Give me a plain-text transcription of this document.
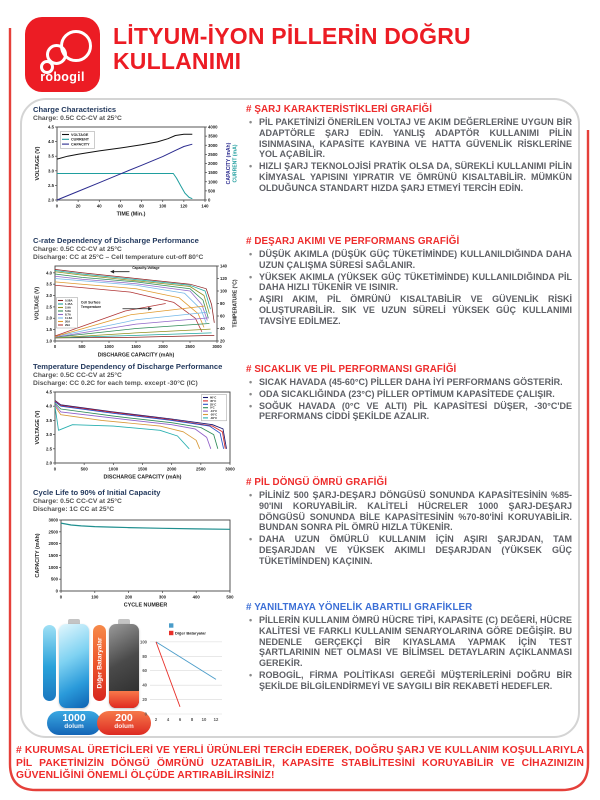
robogil
LİTYUM-İYON PİLLERİN DOĞRU KULLANIMI
Charge Characteristics
Charge: 0.5C CC-CV at 25°C
0	20	40	60	80	100	120	140
2.0
2.5
3.0
3.5
4.0
4.5
0
500
1000
1500
2000
2500
3000
3500
4000
TIME (Min.)
VOLTAGE (V)	CAPACITY (mAh) CURRENT (mA)
VOLTAGE
CURRENT
CAPACITY
C-rate Dependency of Discharge Performance
Charge: 0.5C CC-CV at 25°C
Discharge: CC at 25°C – Cell temperature cut-off 80°C
0	500	1000	1500	2000	2500	3000
1.0
1.5
2.0
2.5
3.0
3.5
4.0
20
40
60
80
100
120
140
DISCHARGE CAPACITY (mAh)
VOLTAGE (V)	TEMPERATURE (°C)
0.58A
1.45A
2.9A
5.8A
8.7A
11.6A
20A
29A
Capacity-Voltage
Cell Surface
Temperature
Temperature Dependency of Discharge Performance
Charge: 0.5C CC-CV at 25°C
Discharge: CC 0.2C for each temp. except -30°C (IC)
0	500	1000	1500	2000	2500	3000
2.0
2.5
3.0
3.5
4.0
4.5
DISCHARGE CAPACITY (mAh)
VOLTAGE (V)
60°C
45°C
25°C
0°C
-10°C
-20°C
-30°C
Cycle Life to 90% of Initial Capacity
Charge: 0.5C CC-CV at 25°C
Discharge: 1C CC at 25°C
0	100	200	300	400	500
0
500
1000
1500
2000
2500
3000
CYCLE NUMBER
CAPACITY (mAh)
# ŞARJ KARAKTERİSTİKLERİ GRAFİĞİ
• PİL PAKETİNİZİ ÖNERİLEN VOLTAJ VE AKIM DEĞERLERİNE UYGUN BİR ADAPTÖRLE ŞARJ EDİN. YANLIŞ ADAPTÖR KULLANIMI PİLİN ISINMASINA, KAPASİTE KAYBINA VE HATTA GÜVENLİK RİSKLERİNE YOL AÇABİLİR.
• HIZLI ŞARJ TEKNOLOJİSİ PRATİK OLSA DA, SÜREKLİ KULLANIMI PİLİN KİMYASAL YAPISINI YIPRATIR VE ÖMRÜNÜ KISALTABİLİR. MÜMKÜN OLDUĞUNCA STANDART HIZDA ŞARJ ETMEYİ TERCİH EDİN.
# DEŞARJ AKIMI VE PERFORMANS GRAFİĞİ
• DÜŞÜK AKIMLA (DÜŞÜK GÜÇ TÜKETİMİNDE) KULLANILDIĞINDA DAHA UZUN ÇALIŞMA SÜRESİ SAĞLANIR.
• YÜKSEK AKIMLA (YÜKSEK GÜÇ TÜKETİMİNDE) KULLANILDIĞINDA PİL DAHA HIZLI TÜKENİR VE ISINIR.
• AŞIRI AKIM, PİL ÖMRÜNÜ KISALTABİLİR VE GÜVENLİK RİSKİ OLUŞTURABİLİR. SIK VE UZUN SÜRELİ YÜKSEK GÜÇ KULLANIMI TAVSİYE EDİLMEZ.
# SICAKLIK VE PİL PERFORMANSI GRAFİĞİ
• SICAK HAVADA (45-60°C) PİLLER DAHA İYİ PERFORMANS GÖSTERİR.
• ODA SICAKLIĞINDA (23°C) PİLLER OPTİMUM KAPASİTEDE ÇALIŞIR.
• SOĞUK HAVADA (0°C VE ALTI) PİL KAPASİTESİ DÜŞER, -30°C'DE PERFORMANS CİDDİ ŞEKİLDE AZALIR.
# PİL DÖNGÜ ÖMRÜ GRAFİĞİ
• PİLİNİZ 500 ŞARJ-DEŞARJ DÖNGÜSÜ SONUNDA KAPASİTESİNİN %85-90'INI KORUYABİLİR. KALİTELİ HÜCRELER 1000 ŞARJ-DEŞARJ DÖNGÜSÜ SONUNDA BİLE KAPASİTESİNİN %70-80'İNİ KORUYABİLİR. BUNDAN SONRA PİL ÖMRÜ HIZLA TÜKENİR.
• DAHA UZUN ÖMÜRLÜ KULLANIM İÇİN AŞIRI ŞARJDAN, TAM DEŞARJDAN VE YÜKSEK AKIMLI DEŞARJDAN (YÜKSEK GÜÇ TÜKETİMİNDEN) KAÇININ.
# YANILTMAYA YÖNELİK ABARTILI GRAFİKLER
• PİLLERİN KULLANIM ÖMRÜ HÜCRE TİPİ, KAPASİTE (C) DEĞERİ, HÜCRE KALİTESİ VE FARKLI KULLANIM SENARYOLARINA GÖRE DEĞİŞİR. BU NEDENLE GERÇEKÇİ BİR KIYASLAMA YAPMAK İÇİN TEST ŞARTLARININ NET OLMASI VE BİLİMSEL DETAYLARIN AÇIKLANMASI GEREKİR.
• ROBOGİL, FİRMA POLİTİKASI GEREĞİ MÜŞTERİLERİNİ DOĞRU BİR ŞEKİLDE BİLGİLENDİRMEYİ VE SAYGILI BİR REKABETİ HEDEFLER.
Diğer Bataryalar
1000
dolum
200
dolum
2 4 6 8 10 12
0
20
40
60
80
100
Diğer Bataryalar

# KURUMSAL ÜRETİCİLERİ VE YERLİ ÜRÜNLERİ TERCİH EDEREK, DOĞRU ŞARJ VE KULLANIM KOŞULLARIYLA PİL PAKETİNİZİN DÖNGÜ ÖMRÜNÜ UZATABİLİR, KAPASİTE STABİLİTESİNİ KORUYABİLİR VE CİHAZINIZIN GÜVENLİĞİNİ ÖNEMLİ ÖLÇÜDE ARTIRABİLİRSİNİZ!
